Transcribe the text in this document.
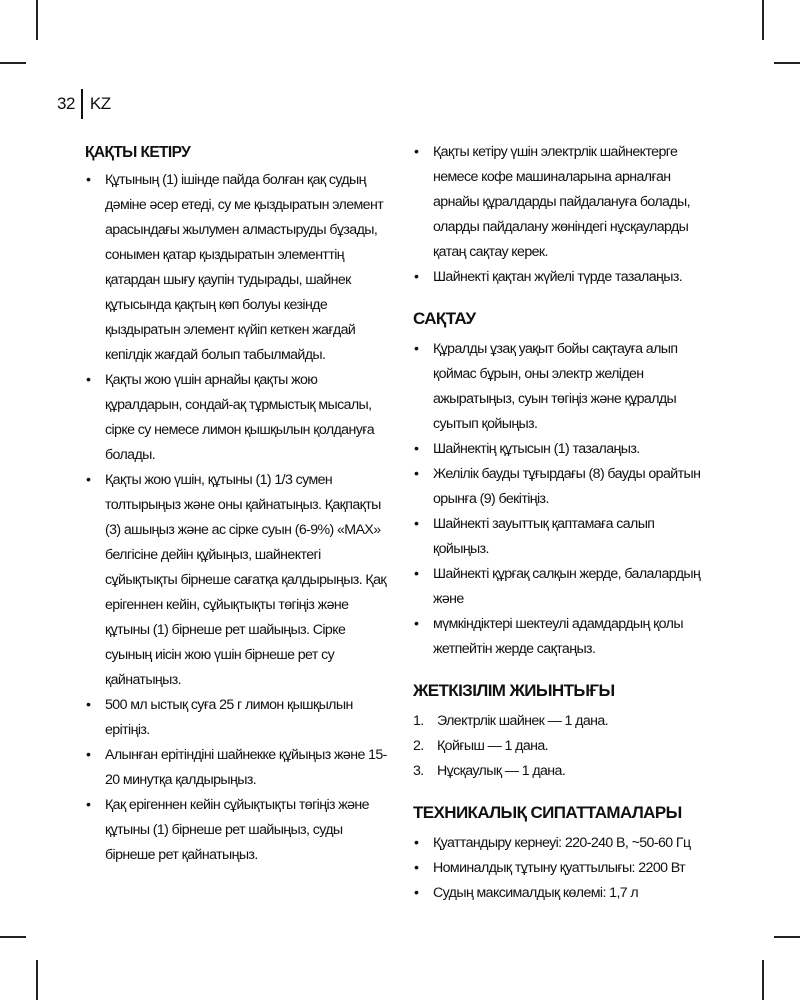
32 KZ
ҚАҚТЫ КЕТІРУ
• Құтының (1) ішінде пайда болған қақ судың дәміне әсер етеді, су ме қыздыратын элемент арасындағы жылумен алмастыруды бұзады, сонымен қатар қыздыратын элементтің қатардан шығу қаупін тудырады, шайнек құтысында қақтың көп болуы кезінде қыздыратын элемент күйіп кеткен жағдай кепілдік жағдай болып табылмайды.
• Қақты жою үшін арнайы қақты жою құралдарын, сондай-ақ тұрмыстық мысалы, сірке су немесе лимон қышқылын қолдануға болады.
• Қақты жою үшін, құтыны (1) 1/3 сумен толтырыңыз және оны қайнатыңыз. Қақпақты (3) ашыңыз және ас сірке суын (6-9%) «MAX» белгісіне дейін құйыңыз, шайнектегі сұйықтықты бірнеше сағатқа қалдырыңыз. Қақ ерігеннен кейін, сұйықтықты төгіңіз және құтыны (1) бірнеше рет шайыңыз. Сірке суының иісін жою үшін бірнеше рет су қайнатыңыз.
• 500 мл ыстық суға 25 г лимон қышқылын ерітіңіз.
• Алынған ерітіндіні шайнекке құйыңыз және 15-20 минутқа қалдырыңыз.
• Қақ ерігеннен кейін сұйықтықты төгіңіз және құтыны (1) бірнеше рет шайыңыз, суды бірнеше рет қайнатыңыз.
• Қақты кетіру үшін электрлік шайнектерге немесе кофе машиналарына арналған арнайы құралдарды пайдалануға болады, оларды пайдалану жөніндегі нұсқауларды қатаң сақтау керек.
• Шайнекті қақтан жүйелі түрде тазалаңыз.
САҚТАУ
• Құралды ұзақ уақыт бойы сақтауға алып қоймас бұрын, оны электр желіден ажыратыңыз, суын төгіңіз және құралды суытып қойыңыз.
• Шайнектің құтысын (1) тазалаңыз.
• Желілік бауды тұғырдағы (8) бауды орайтын орынға (9) бекітіңіз.
• Шайнекті зауыттық қаптамаға салып қойыңыз.
• Шайнекті құрғақ салқын жерде, балалардың және
• мүмкіндіктері шектеулі адамдардың қолы жетпейтін жерде сақтаңыз.
ЖЕТКІЗІЛІМ ЖИЫНТЫҒЫ
1. Электрлік шайнек — 1 дана.
2. Қойғыш — 1 дана.
3. Нұсқаулық — 1 дана.
ТЕХНИКАЛЫҚ СИПАТТАМАЛАРЫ
• Қуаттандыру кернеуі: 220-240 В, ~50-60 Гц
• Номиналдық тұтыну қуаттылығы: 2200 Вт
• Судың максималдық көлемі: 1,7 л
